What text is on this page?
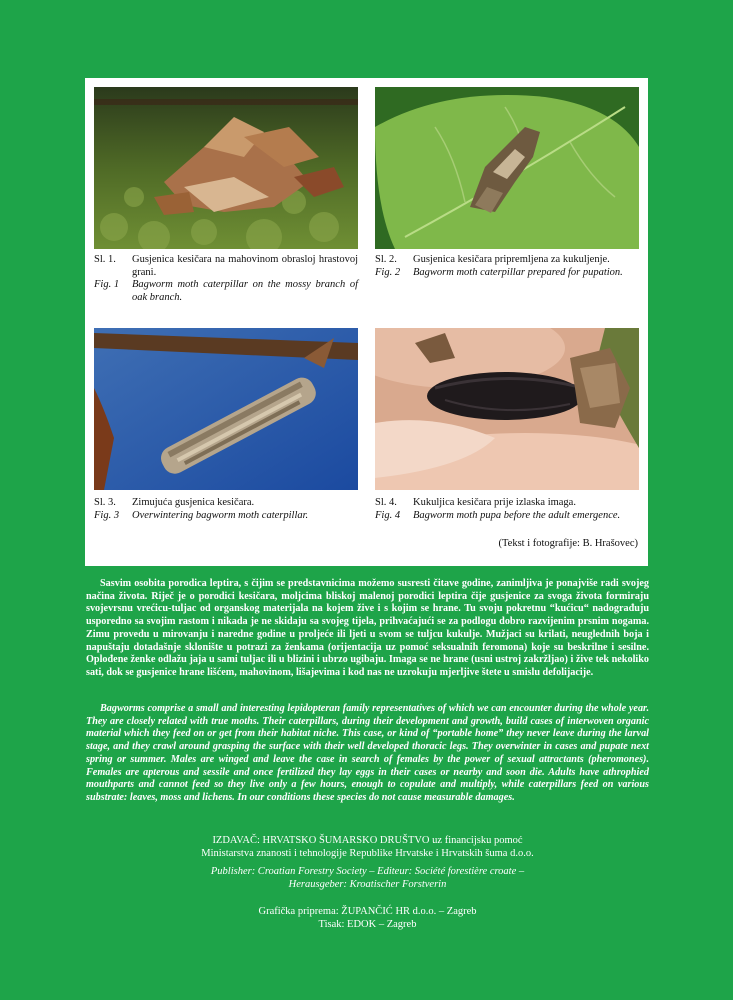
Sl. 1.	Gusjenica kesičara na mahovinom obrasloj hrastovoj grani.
Fig. 1	Bagworm moth caterpillar on the mossy branch of oak branch.
Sl. 2.	Gusjenica kesičara pripremljena za kukuljenje.
Fig. 2	Bagworm moth caterpillar prepared for pupation.
Sl. 3.	Zimujuća gusjenica kesičara.
Fig. 3	Overwintering bagworm moth caterpillar.
Sl. 4.	Kukuljica kesičara prije izlaska imaga.
Fig. 4	Bagworm moth pupa before the adult emergence.
(Tekst i fotografije: B. Hrašovec)
Sasvim osobita porodica leptira, s čijim se predstavnicima možemo susresti čitave godine, zanimljiva je ponajviše radi svojeg načina života. Riječ je o porodici kesičara, moljcima bliskoj malenoj porodici leptira čije gusjenice za svoga života formiraju svojevrsnu vrećicu-tuljac od organskog materijala na kojem žive i s kojim se hrane. Tu svoju pokretnu “kućicu“ nadograđuju usporedno sa svojim rastom i nikada je ne skidaju sa svojeg tijela, prihvaćajući se za podlogu dobro razvijenim prsnim nogama. Zimu provedu u mirovanju i naredne godine u proljeće ili ljeti u svom se tuljcu kukulje. Mužjaci su krilati, neuglednih boja i napuštaju dotadašnje sklonište u potrazi za ženkama (orijentacija uz pomoć seksualnih feromona) koje su beskrilne i sesilne. Oplođene ženke odlažu jaja u sami tuljac ili u blizini i ubrzo ugibaju. Imaga se ne hrane (usni ustroj zakržljao) i žive tek nekoliko sati, dok se gusjenice hrane lišćem, mahovinom, lišajevima i kod nas ne uzrokuju mjerljive štete u smislu defolijacije.
Bagworms comprise a small and interesting lepidopteran family representatives of which we can encounter during the whole year. They are closely related with true moths. Their caterpillars, during their development and growth, build cases of interwoven organic material which they feed on or get from their habitat niche. This case, or kind of “portable home” they never leave during the larval stage, and they crawl around grasping the surface with their well developed thoracic legs. They overwinter in cases and pupate next spring or summer. Males are winged and leave the case in search of females by the power of sexual attractants (pheromones). Females are apterous and sessile and once fertilized they lay eggs in their cases or nearby and soon die. Adults have athrophied mouthparts and cannot feed so they live only a few hours, enough to copulate and multiply, while caterpillars feed on various substrate: leaves, moss and lichens. In our conditions these species do not cause measurable damages.
IZDAVAČ: HRVATSKO ŠUMARSKO DRUŠTVO uz financijsku pomoć
Ministarstva znanosti i tehnologije Republike Hrvatske i Hrvatskih šuma d.o.o.
Publisher: Croatian Forestry Society – Editeur: Société forestière croate –
Herausgeber: Kroatischer Forstverin
Grafička priprema: ŽUPANČIĆ HR d.o.o. – Zagreb
Tisak: EDOK – Zagreb
